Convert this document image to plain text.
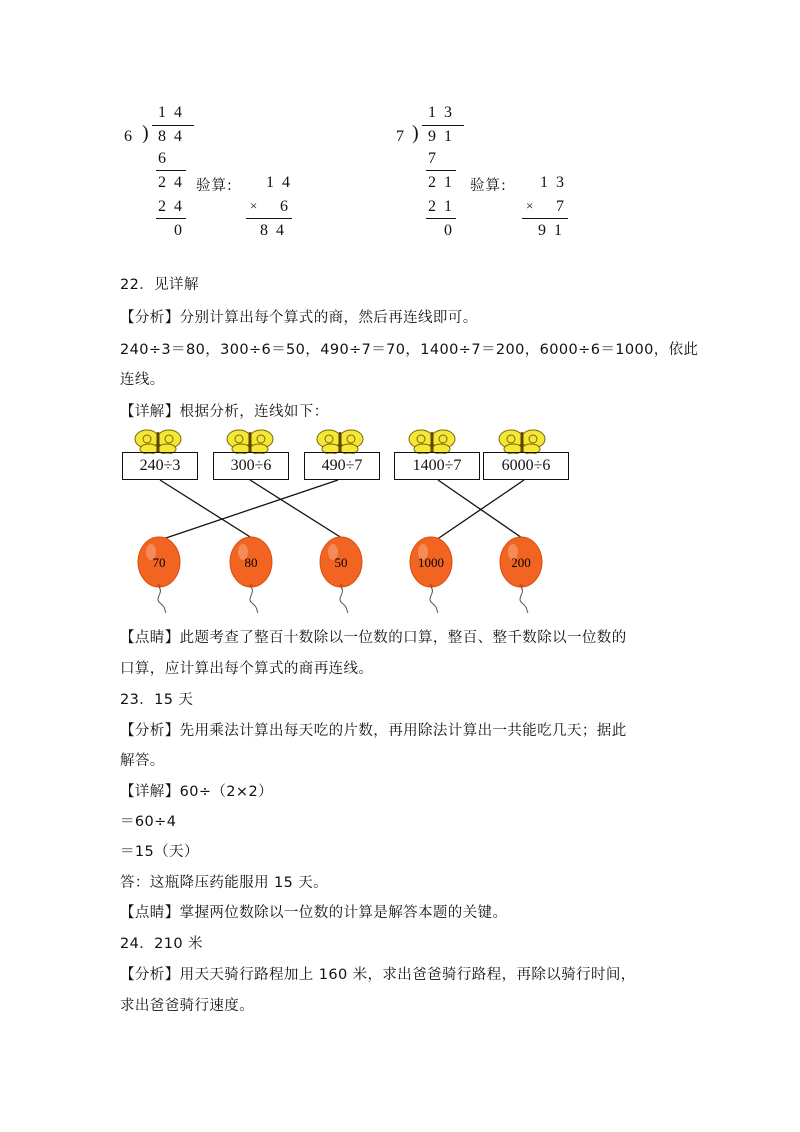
1 4
6 ) 8 4
6
2 4
2 4
0
验算: 1 4
× 6
8 4
1 3
7 ) 9 1
7
2 1
2 1
0
验算: 1 3
× 7
9 1
22．见详解
【分析】分别计算出每个算式的商，然后再连线即可。
240÷3＝80，300÷6＝50，490÷7＝70，1400÷7＝200，6000÷6＝1000，依此
连线。
【详解】根据分析，连线如下：
240÷3	300÷6	490÷7	1400÷7	6000÷6
70	80	50	1000	200
【点睛】此题考查了整百十数除以一位数的口算，整百、整千数除以一位数的
口算，应计算出每个算式的商再连线。
23．15 天
【分析】先用乘法计算出每天吃的片数，再用除法计算出一共能吃几天；据此
解答。
【详解】60÷（2×2）
＝60÷4
＝15（天）
答：这瓶降压药能服用 15 天。
【点睛】掌握两位数除以一位数的计算是解答本题的关键。
24．210 米
【分析】用天天骑行路程加上 160 米，求出爸爸骑行路程，再除以骑行时间，
求出爸爸骑行速度。
